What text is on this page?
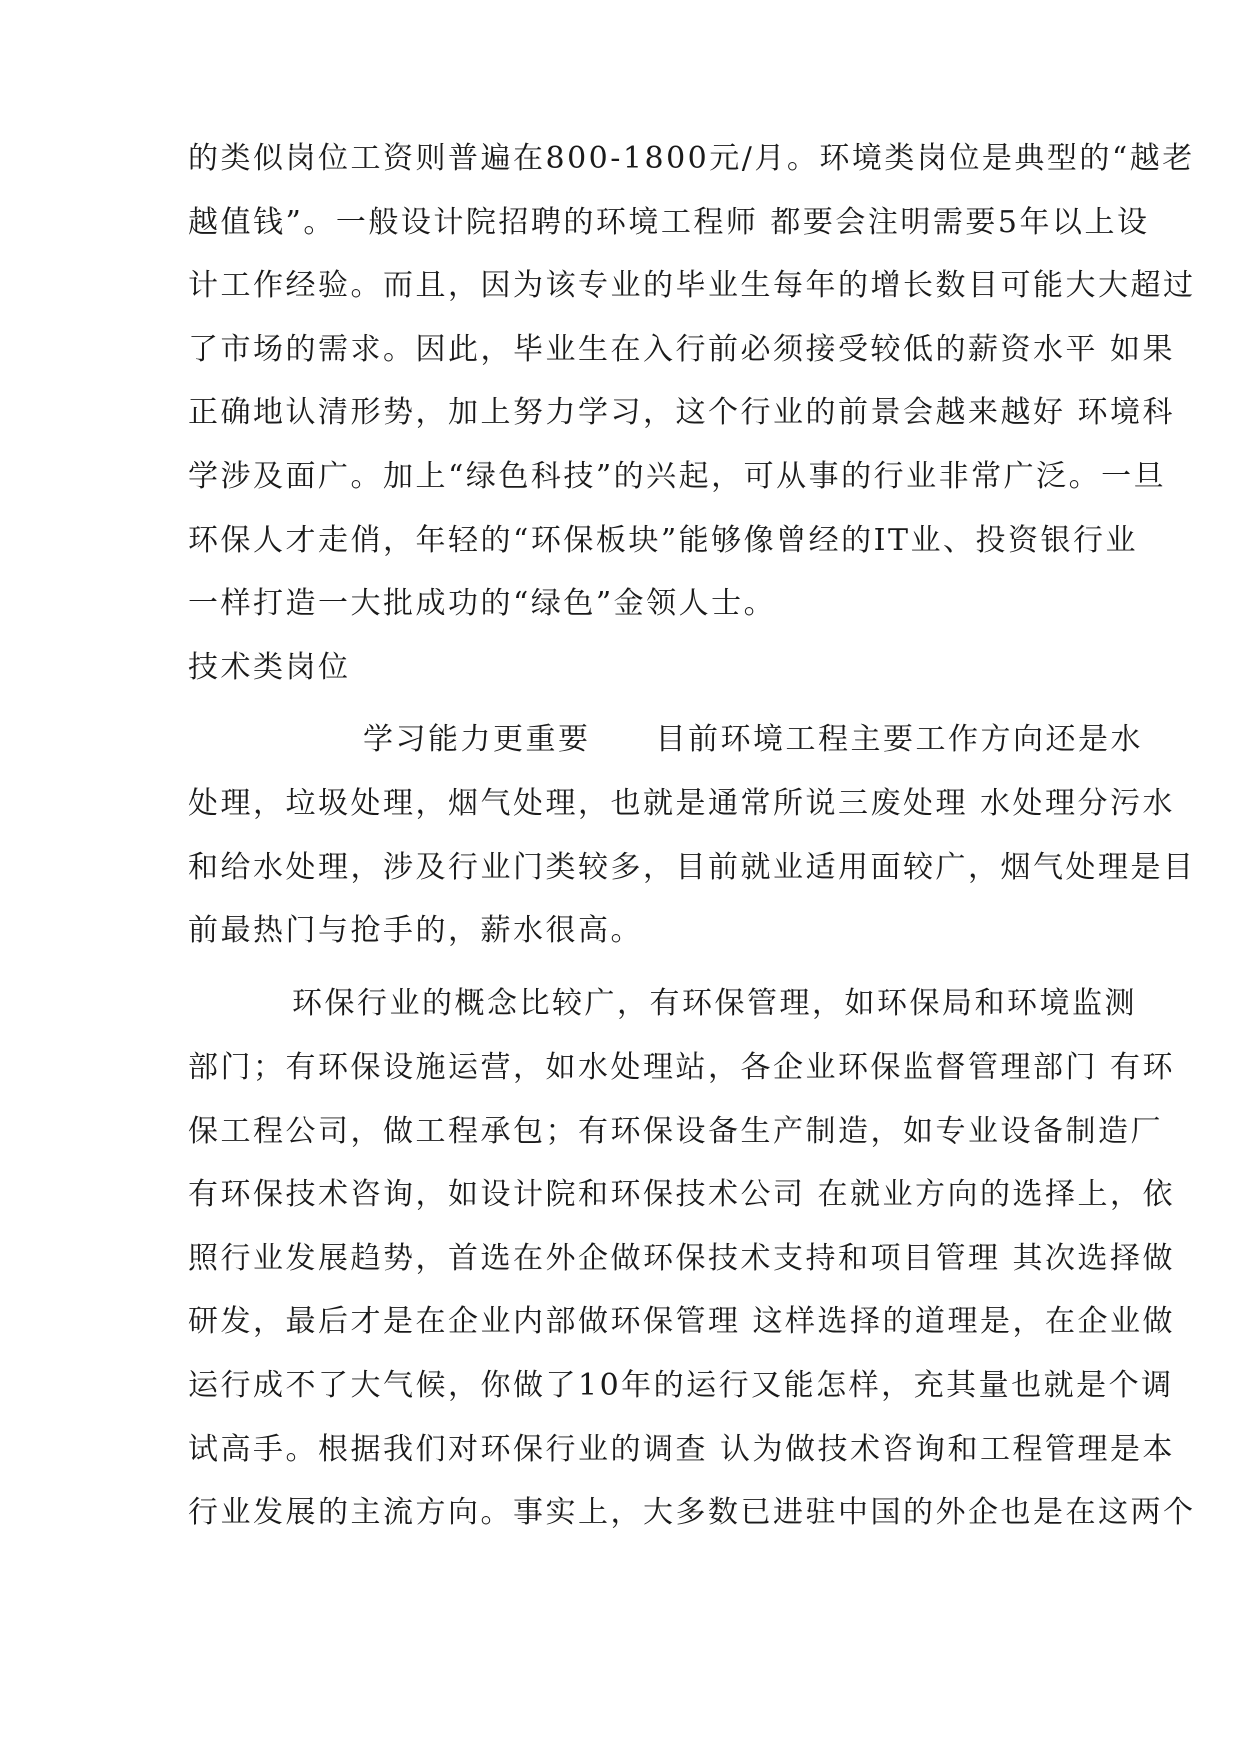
的类似岗位工资则普遍在800-1800元/月。环境类岗位是典型的“越老
越值钱”。一般设计院招聘的环境工程师 都要会注明需要5年以上设
计工作经验。而且，因为该专业的毕业生每年的增长数目可能大大超过
了市场的需求。因此，毕业生在入行前必须接受较低的薪资水平 如果
正确地认清形势，加上努力学习，这个行业的前景会越来越好 环境科
学涉及面广。加上“绿色科技”的兴起，可从事的行业非常广泛。一旦
环保人才走俏，年轻的“环保板块”能够像曾经的IT业、投资银行业
一样打造一大批成功的“绿色”金领人士。
技术类岗位
学习能力更重要　　目前环境工程主要工作方向还是水
处理，垃圾处理，烟气处理，也就是通常所说三废处理 水处理分污水
和给水处理，涉及行业门类较多，目前就业适用面较广，烟气处理是目
前最热门与抢手的，薪水很高。
环保行业的概念比较广，有环保管理，如环保局和环境监测
部门；有环保设施运营，如水处理站，各企业环保监督管理部门 有环
保工程公司，做工程承包；有环保设备生产制造，如专业设备制造厂
有环保技术咨询，如设计院和环保技术公司 在就业方向的选择上，依
照行业发展趋势，首选在外企做环保技术支持和项目管理 其次选择做
研发，最后才是在企业内部做环保管理 这样选择的道理是，在企业做
运行成不了大气候，你做了10年的运行又能怎样，充其量也就是个调
试高手。根据我们对环保行业的调查 认为做技术咨询和工程管理是本
行业发展的主流方向。事实上，大多数已进驻中国的外企也是在这两个
